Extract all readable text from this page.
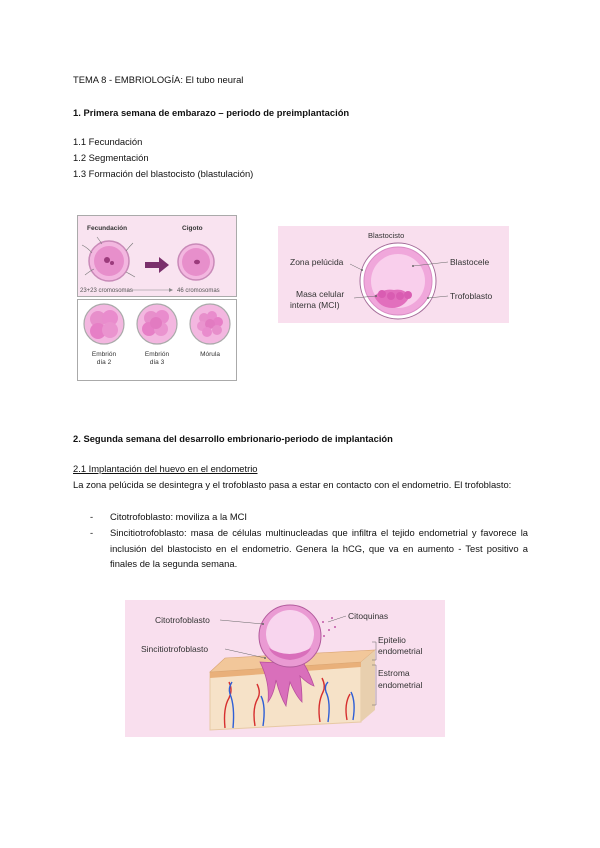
TEMA 8 - EMBRIOLOGÍA: El tubo neural
1. Primera semana de embarazo – periodo de preimplantación
1.1 Fecundación
1.2 Segmentación
1.3 Formación del blastocisto (blastulación)
Fecundación	Cigoto
23+23 cromosomas	46 cromosomas
Embrión
día 2
Embrión
día 3
Mórula
Blastocisto
Zona pelúcida	Blastocele
Masa celular
interna (MCI)
Trofoblasto
2. Segunda semana del desarrollo embrionario-periodo de implantación
2.1 Implantación del huevo en el endometrio
La zona pelúcida se desintegra y el trofoblasto pasa a estar en contacto con el endometrio. El trofoblasto:
- Citotrofoblasto: moviliza a la MCI
- Sincitiotrofoblasto: masa de células multinucleadas que infiltra el tejido endometrial y favorece la inclusión del blastocisto en el endometrio. Genera la hCG, que va en aumento - Test positivo a finales de la segunda semana.
Citotrofoblasto	Citoquinas
Sincitiotrofoblasto
Epitelio
endometrial
Estroma
endometrial
